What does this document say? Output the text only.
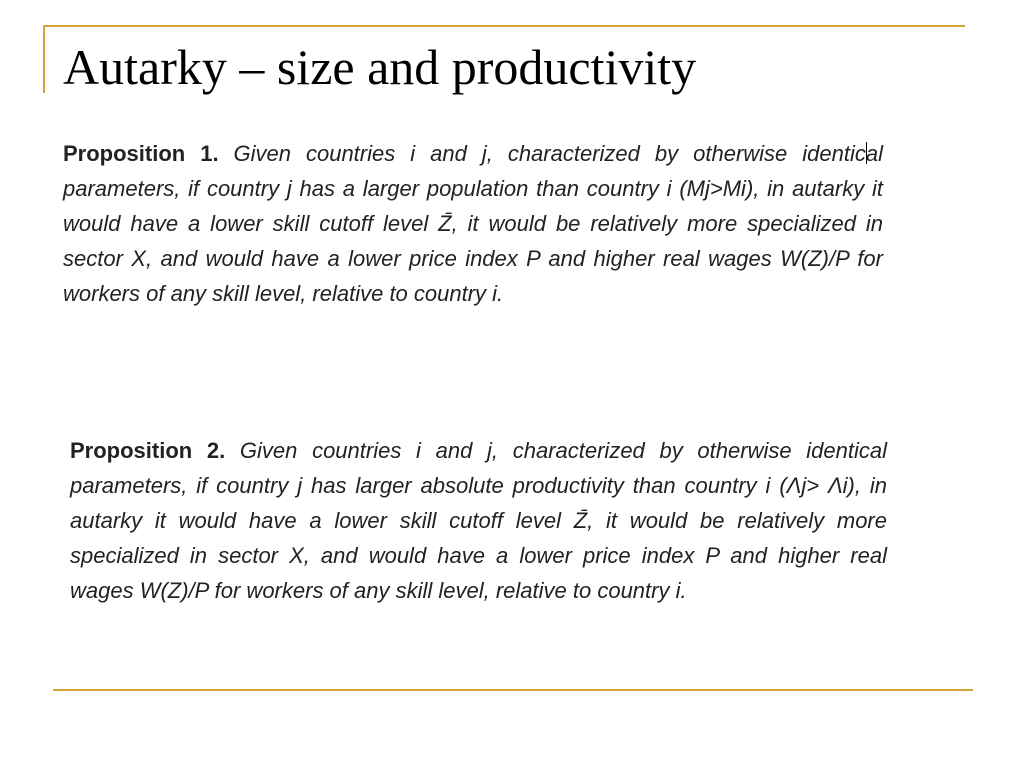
Autarky – size and productivity
Proposition 1. Given countries i and j, characterized by otherwise identical parameters, if country j has a larger population than country i (Mj>Mi), in autarky it would have a lower skill cutoff level Z̄, it would be relatively more specialized in sector X, and would have a lower price index P and higher real wages W(Z)/P for workers of any skill level, relative to country i.
Proposition 2. Given countries i and j, characterized by otherwise identical parameters, if country j has larger absolute productivity than country i (Λj> Λi), in autarky it would have a lower skill cutoff level Z̄, it would be relatively more specialized in sector X, and would have a lower price index P and higher real wages W(Z)/P for workers of any skill level, relative to country i.
